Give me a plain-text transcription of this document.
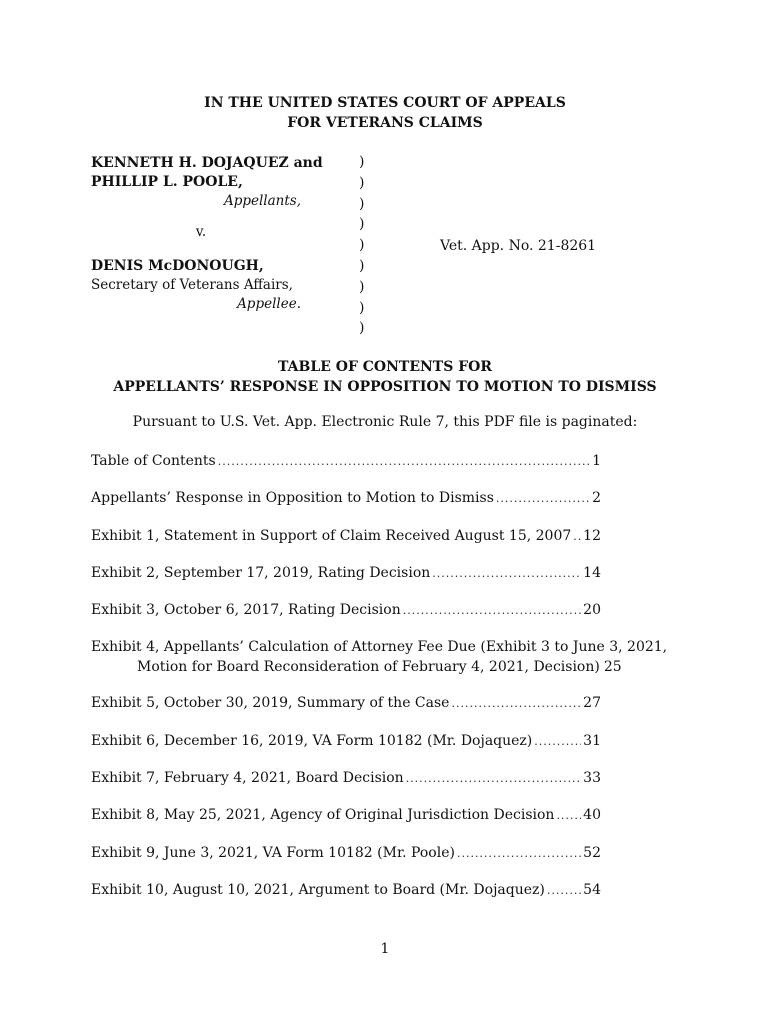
IN THE UNITED STATES COURT OF APPEALS
FOR VETERANS CLAIMS
KENNETH H. DOJAQUEZ and
PHILLIP L. POOLE,
Appellants,
v.
DENIS McDONOUGH,
Secretary of Veterans Affairs,
Appellee.
)
)
)
)
)
)
)
)
)
Vet. App. No. 21-8261
TABLE OF CONTENTS FOR
APPELLANTS’ RESPONSE IN OPPOSITION TO MOTION TO DISMISS
Pursuant to U.S. Vet. App. Electronic Rule 7, this PDF file is paginated:
Table of Contents .....	1
Appellants’ Response in Opposition to Motion to Dismiss .....	2
Exhibit 1, Statement in Support of Claim Received August 15, 2007 ..... 12
Exhibit 2, September 17, 2019, Rating Decision .....	14
Exhibit 3, October 6, 2017, Rating Decision .....	20
Exhibit 4, Appellants’ Calculation of Attorney Fee Due (Exhibit 3 to June 3, 2021,
Motion for Board Reconsideration of February 4, 2021, Decision) 25
Exhibit 5, October 30, 2019, Summary of the Case .....	27
Exhibit 6, December 16, 2019, VA Form 10182 (Mr. Dojaquez) .....	31
Exhibit 7, February 4, 2021, Board Decision .....	33
Exhibit 8, May 25, 2021, Agency of Original Jurisdiction Decision ..... 40
Exhibit 9, June 3, 2021, VA Form 10182 (Mr. Poole) .....	52
Exhibit 10, August 10, 2021, Argument to Board (Mr. Dojaquez) .....	54
1
